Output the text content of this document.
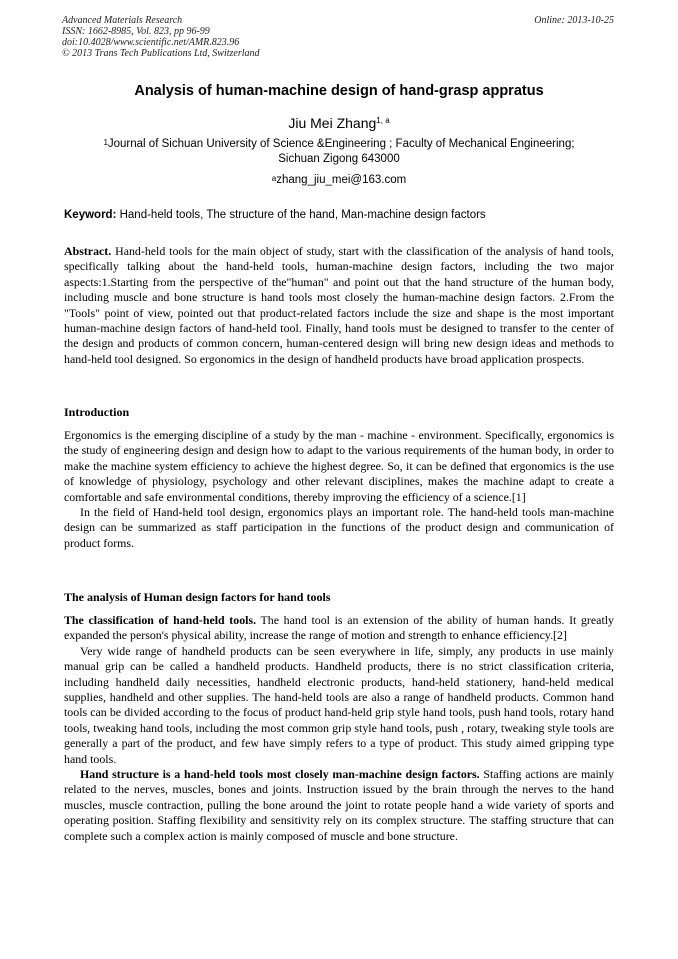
Advanced Materials Research
ISSN: 1662-8985, Vol. 823, pp 96-99
doi:10.4028/www.scientific.net/AMR.823.96
© 2013 Trans Tech Publications Ltd, Switzerland
Online: 2013-10-25
Analysis of human-machine design of hand-grasp appratus
Jiu Mei Zhang$^{1, a}$
$^1$Journal of Sichuan University of Science &Engineering ; Faculty of Mechanical Engineering;
Sichuan Zigong 643000
$^a$zhang_jiu_mei@163.com
Keyword: Hand-held tools, The structure of the hand, Man-machine design factors

Abstract. Hand-held tools for the main object of study, start with the classification of the analysis of hand tools, specifically talking about the hand-held tools, human-machine design factors, including the two major aspects:1.Starting from the perspective of the"human" and point out that the hand structure of the human body, including muscle and bone structure is hand tools most closely the human-machine design factors. 2.From the "Tools" point of view, pointed out that product-related factors include the size and shape is the most important human-machine design factors of hand-held tool. Finally, hand tools must be designed to transfer to the center of the design and products of common concern, human-centered design will bring new design ideas and methods to hand-held tool designed. So ergonomics in the design of handheld products have broad application prospects.

Introduction

Ergonomics is the emerging discipline of a study by the man - machine - environment. Specifically, ergonomics is the study of engineering design and design how to adapt to the various requirements of the human body, in order to make the machine system efficiency to achieve the highest degree. So, it can be defined that ergonomics is the use of knowledge of physiology, psychology and other relevant disciplines, makes the machine adapt to create a comfortable and safe environmental conditions, thereby improving the efficiency of a science.[1]

In the field of Hand-held tool design, ergonomics plays an important role. The hand-held tools man-machine design can be summarized as staff participation in the functions of the product design and communication of product forms.

The analysis of Human design factors for hand tools

The classification of hand-held tools. The hand tool is an extension of the ability of human hands. It greatly expanded the person's physical ability, increase the range of motion and strength to enhance efficiency.[2]

Very wide range of handheld products can be seen everywhere in life, simply, any products in use mainly manual grip can be called a handheld products. Handheld products, there is no strict classification criteria, including handheld daily necessities, handheld electronic products, hand-held stationery, hand-held medical supplies, handheld and other supplies. The hand-held tools are also a range of handheld products. Common hand tools can be divided according to the focus of product hand-held grip style hand tools, push hand tools, rotary hand tools, tweaking hand tools, including the most common grip style hand tools, push , rotary, tweaking style tools are generally a part of the product, and few have simply refers to a type of product. This study aimed gripping type hand tools.

Hand structure is a hand-held tools most closely man-machine design factors. Staffing actions are mainly related to the nerves, muscles, bones and joints. Instruction issued by the brain through the nerves to the hand muscles, muscle contraction, pulling the bone around the joint to rotate people hand a wide variety of sports and operating position. Staffing flexibility and sensitivity rely on its complex structure. The staffing structure that can complete such a complex action is mainly composed of muscle and bone structure.
